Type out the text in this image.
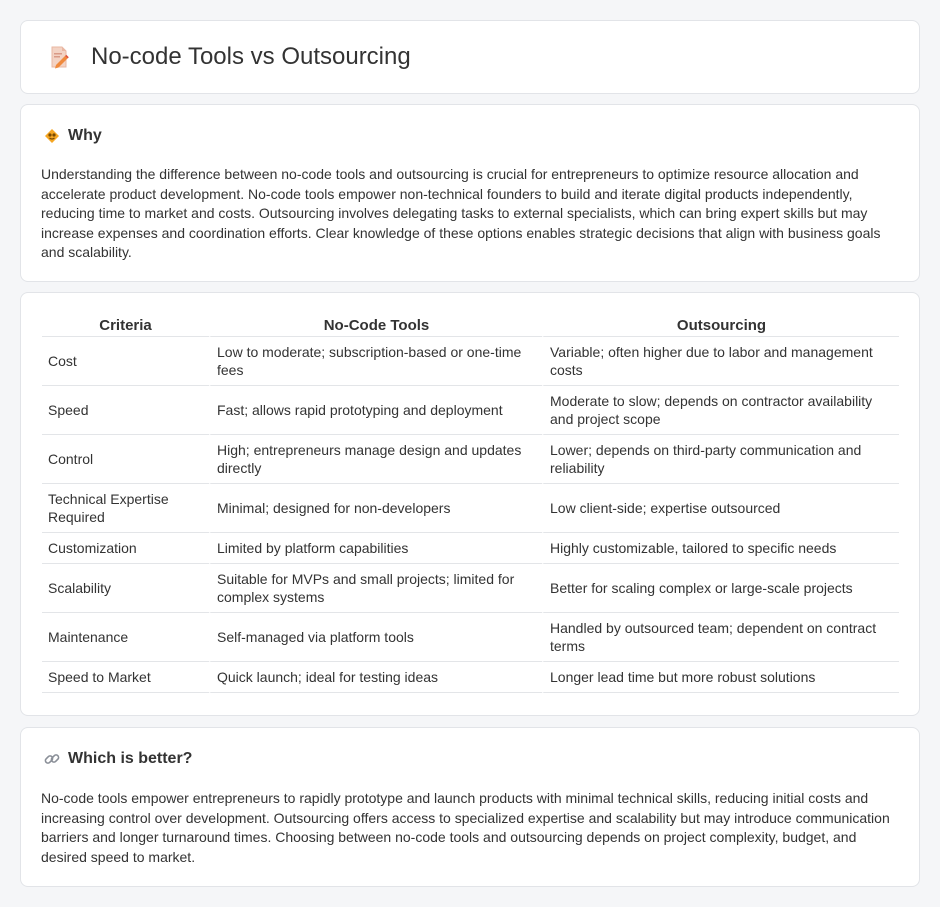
No-code Tools vs Outsourcing
Why

Understanding the difference between no-code tools and outsourcing is crucial for entrepreneurs to optimize resource allocation and accelerate product development. No-code tools empower non-technical founders to build and iterate digital products independently, reducing time to market and costs. Outsourcing involves delegating tasks to external specialists, which can bring expert skills but may increase expenses and coordination efforts. Clear knowledge of these options enables strategic decisions that align with business goals and scalability.

Criteria	No-Code Tools	Outsourcing
Cost	Low to moderate; subscription-based or one-time fees	Variable; often higher due to labor and management costs
Speed	Fast; allows rapid prototyping and deployment	Moderate to slow; depends on contractor availability and project scope
Control	High; entrepreneurs manage design and updates directly	Lower; depends on third-party communication and reliability
Technical Expertise Required	Minimal; designed for non-developers	Low client-side; expertise outsourced
Customization	Limited by platform capabilities	Highly customizable, tailored to specific needs
Scalability	Suitable for MVPs and small projects; limited for complex systems	Better for scaling complex or large-scale projects
Maintenance	Self-managed via platform tools	Handled by outsourced team; dependent on contract terms
Speed to Market	Quick launch; ideal for testing ideas	Longer lead time but more robust solutions
Which is better?

No-code tools empower entrepreneurs to rapidly prototype and launch products with minimal technical skills, reducing initial costs and increasing control over development. Outsourcing offers access to specialized expertise and scalability but may introduce communication barriers and longer turnaround times. Choosing between no-code tools and outsourcing depends on project complexity, budget, and desired speed to market.
